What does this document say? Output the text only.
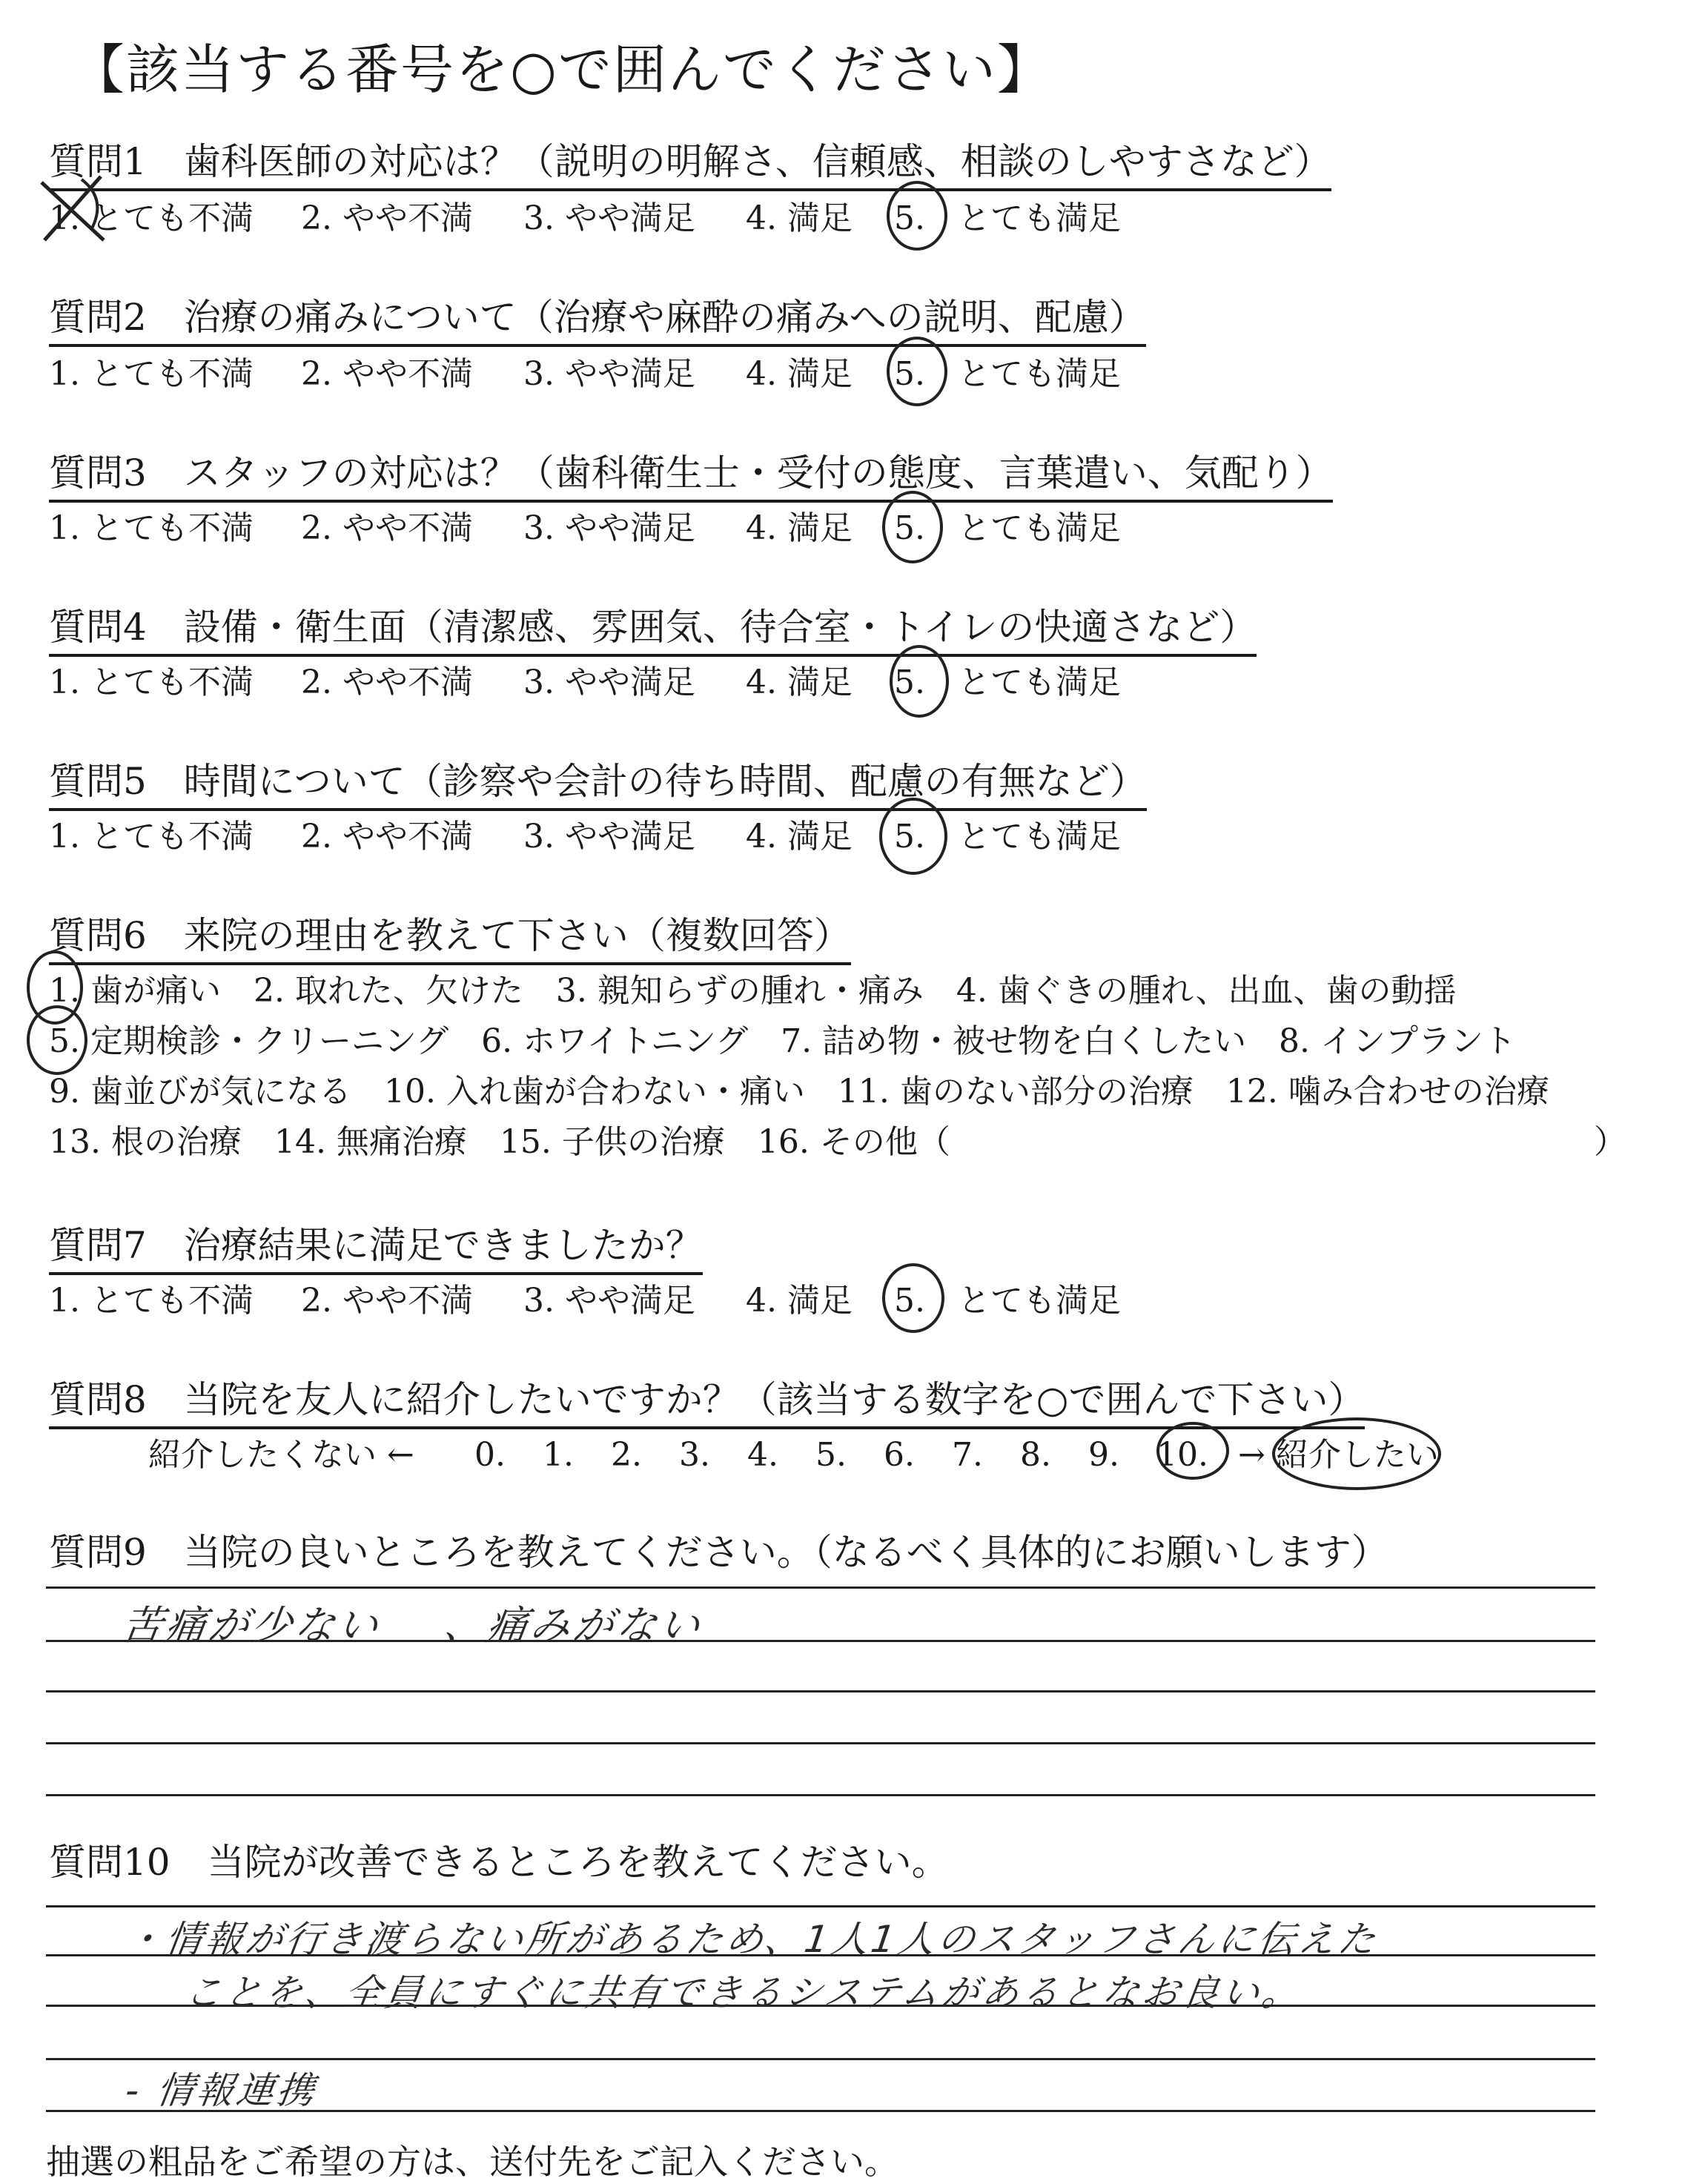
【該当する番号を○で囲んでください】
質問1　歯科医師の対応は？（説明の明解さ、信頼感、相談のしやすさなど）
1. とても不満 2. やや不満 3. やや満足 4. 満足 5. とても満足
質問2　治療の痛みについて（治療や麻酔の痛みへの説明、配慮）
1. とても不満 2. やや不満 3. やや満足 4. 満足 5. とても満足
質問3　スタッフの対応は？（歯科衛生士・受付の態度、言葉遣い、気配り）
1. とても不満 2. やや不満 3. やや満足 4. 満足 5. とても満足
質問4　設備・衛生面（清潔感、雰囲気、待合室・トイレの快適さなど）
1. とても不満 2. やや不満 3. やや満足 4. 満足 5. とても満足
質問5　時間について（診察や会計の待ち時間、配慮の有無など）
1. とても不満 2. やや不満 3. やや満足 4. 満足 5. とても満足
質問6　来院の理由を教えて下さい（複数回答）
1. 歯が痛い　2. 取れた、欠けた　3. 親知らずの腫れ・痛み　4. 歯ぐきの腫れ、出血、歯の動揺
5. 定期検診・クリーニング　6. ホワイトニング　7. 詰め物・被せ物を白くしたい　8. インプラント
9. 歯並びが気になる　10. 入れ歯が合わない・痛い　11. 歯のない部分の治療　12. 噛み合わせの治療
13. 根の治療　14. 無痛治療　15. 子供の治療　16. その他（	）
質問7　治療結果に満足できましたか？
1. とても不満 2. やや不満 3. やや満足 4. 満足 5. とても満足
質問8　当院を友人に紹介したいですか？（該当する数字を○で囲んで下さい）
紹介したくない ← 0. 1. 2. 3. 4. 5. 6. 7. 8. 9. 10. → 紹介したい
質問9　当院の良いところを教えてください。（なるべく具体的にお願いします）
苦痛が少ない 、痛みがない
質問10　当院が改善できるところを教えてください。
・情報が行き渡らない所があるため、1人1人のスタッフさんに伝えた
ことを、全員にすぐに共有できるシステムがあるとなお良い。
- 情報連携
抽選の粗品をご希望の方は、送付先をご記入ください。
